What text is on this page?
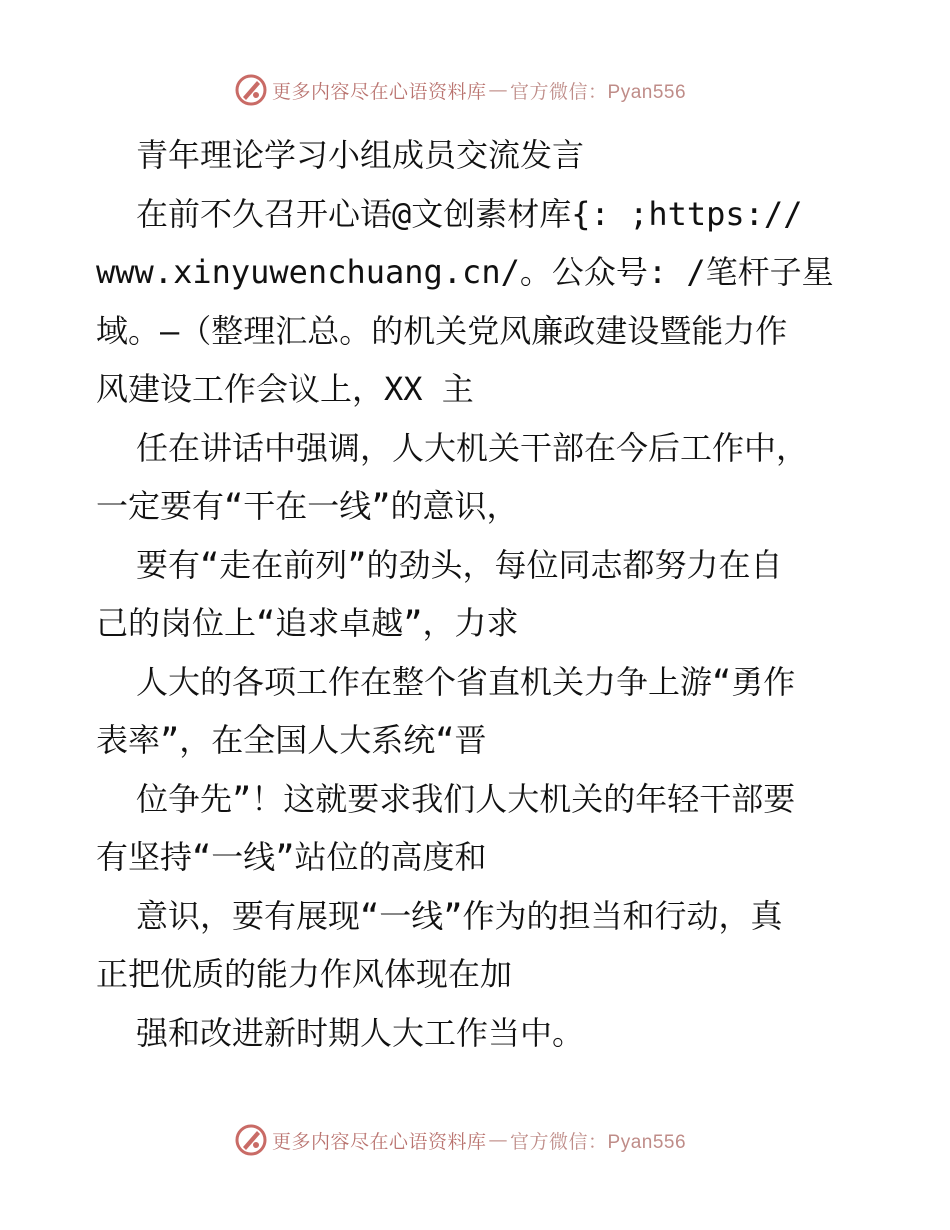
更多内容尽在心语资料库 — 官方微信：Pyan556

青年理论学习小组成员交流发言

在前不久召开心语@文创素材库{: ;https://

www.xinyuwenchuang.cn/。公众号: /笔杆子星

域。—（整理汇总。的机关党风廉政建设暨能力作

风建设工作会议上，XX 主

任在讲话中强调，人大机关干部在今后工作中，

一定要有“干在一线”的意识，

要有“走在前列”的劲头，每位同志都努力在自

己的岗位上“追求卓越”，力求

人大的各项工作在整个省直机关力争上游“勇作

表率”，在全国人大系统“晋

位争先”！这就要求我们人大机关的年轻干部要

有坚持“一线”站位的高度和

意识，要有展现“一线”作为的担当和行动，真

正把优质的能力作风体现在加

强和改进新时期人大工作当中。

更多内容尽在心语资料库 — 官方微信：Pyan556
